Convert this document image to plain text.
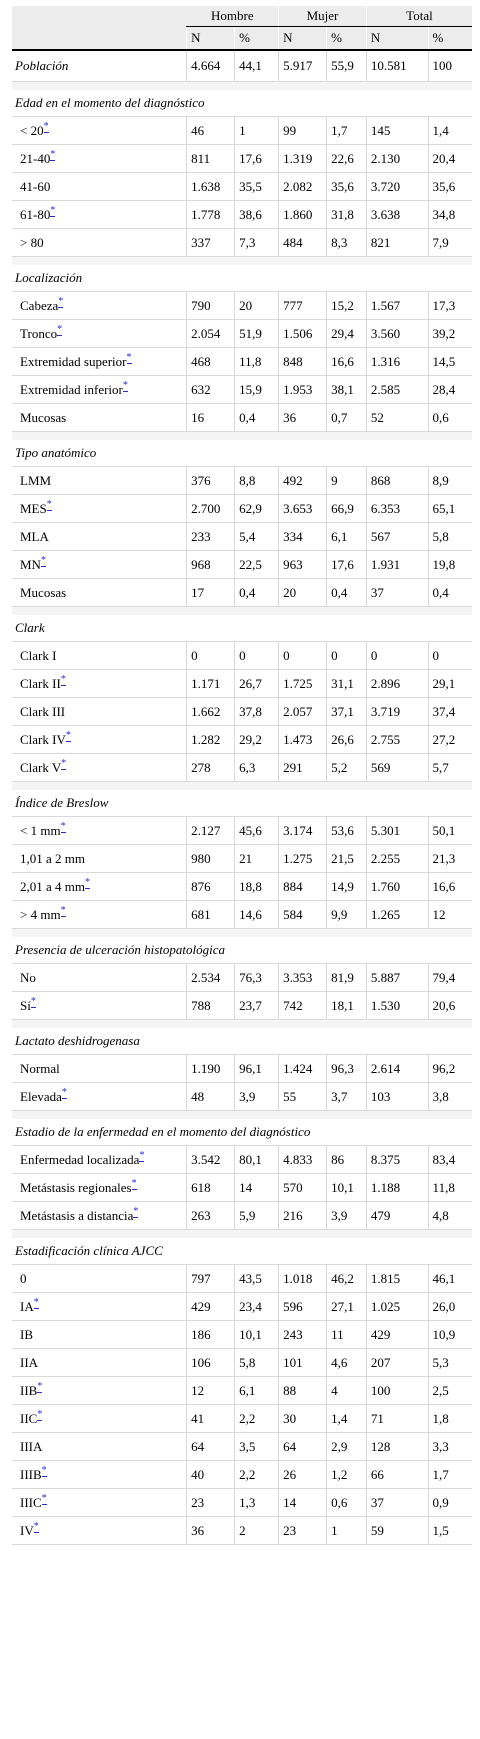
	Hombre		Mujer		Total	
	N	%	N	%	N	%
Población	4.664	44,1	5.917	55,9	10.581	100

Edad en el momento del diagnóstico						
< 20*	46	1	99	1,7	145	1,4
21-40*	811	17,6	1.319	22,6	2.130	20,4
41-60	1.638	35,5	2.082	35,6	3.720	35,6
61-80*	1.778	38,6	1.860	31,8	3.638	34,8
> 80	337	7,3	484	8,3	821	7,9

Localización						
Cabeza*	790	20	777	15,2	1.567	17,3
Tronco*	2.054	51,9	1.506	29,4	3.560	39,2
Extremidad superior*	468	11,8	848	16,6	1.316	14,5
Extremidad inferior*	632	15,9	1.953	38,1	2.585	28,4
Mucosas	16	0,4	36	0,7	52	0,6

Tipo anatómico						
LMM	376	8,8	492	9	868	8,9
MES*	2.700	62,9	3.653	66,9	6.353	65,1
MLA	233	5,4	334	6,1	567	5,8
MN*	968	22,5	963	17,6	1.931	19,8
Mucosas	17	0,4	20	0,4	37	0,4

Clark						
Clark I	0	0	0	0	0	0
Clark II*	1.171	26,7	1.725	31,1	2.896	29,1
Clark III	1.662	37,8	2.057	37,1	3.719	37,4
Clark IV*	1.282	29,2	1.473	26,6	2.755	27,2
Clark V*	278	6,3	291	5,2	569	5,7

Índice de Breslow						
< 1 mm*	2.127	45,6	3.174	53,6	5.301	50,1
1,01 a 2 mm	980	21	1.275	21,5	2.255	21,3
2,01 a 4 mm*	876	18,8	884	14,9	1.760	16,6
> 4 mm*	681	14,6	584	9,9	1.265	12

Presencia de ulceración histopatológica						
No	2.534	76,3	3.353	81,9	5.887	79,4
Sí*	788	23,7	742	18,1	1.530	20,6

Lactato deshidrogenasa						
Normal	1.190	96,1	1.424	96,3	2.614	96,2
Elevada*	48	3,9	55	3,7	103	3,8

Estadio de la enfermedad en el momento del diagnóstico						
Enfermedad localizada*	3.542	80,1	4.833	86	8.375	83,4
Metástasis regionales*	618	14	570	10,1	1.188	11,8
Metástasis a distancia*	263	5,9	216	3,9	479	4,8

Estadificación clínica AJCC						
0	797	43,5	1.018	46,2	1.815	46,1
IA*	429	23,4	596	27,1	1.025	26,0
IB	186	10,1	243	11	429	10,9
IIA	106	5,8	101	4,6	207	5,3
IIB*	12	6,1	88	4	100	2,5
IIC*	41	2,2	30	1,4	71	1,8
IIIA	64	3,5	64	2,9	128	3,3
IIIB*	40	2,2	26	1,2	66	1,7
IIIC*	23	1,3	14	0,6	37	0,9
IV*	36	2	23	1	59	1,5
